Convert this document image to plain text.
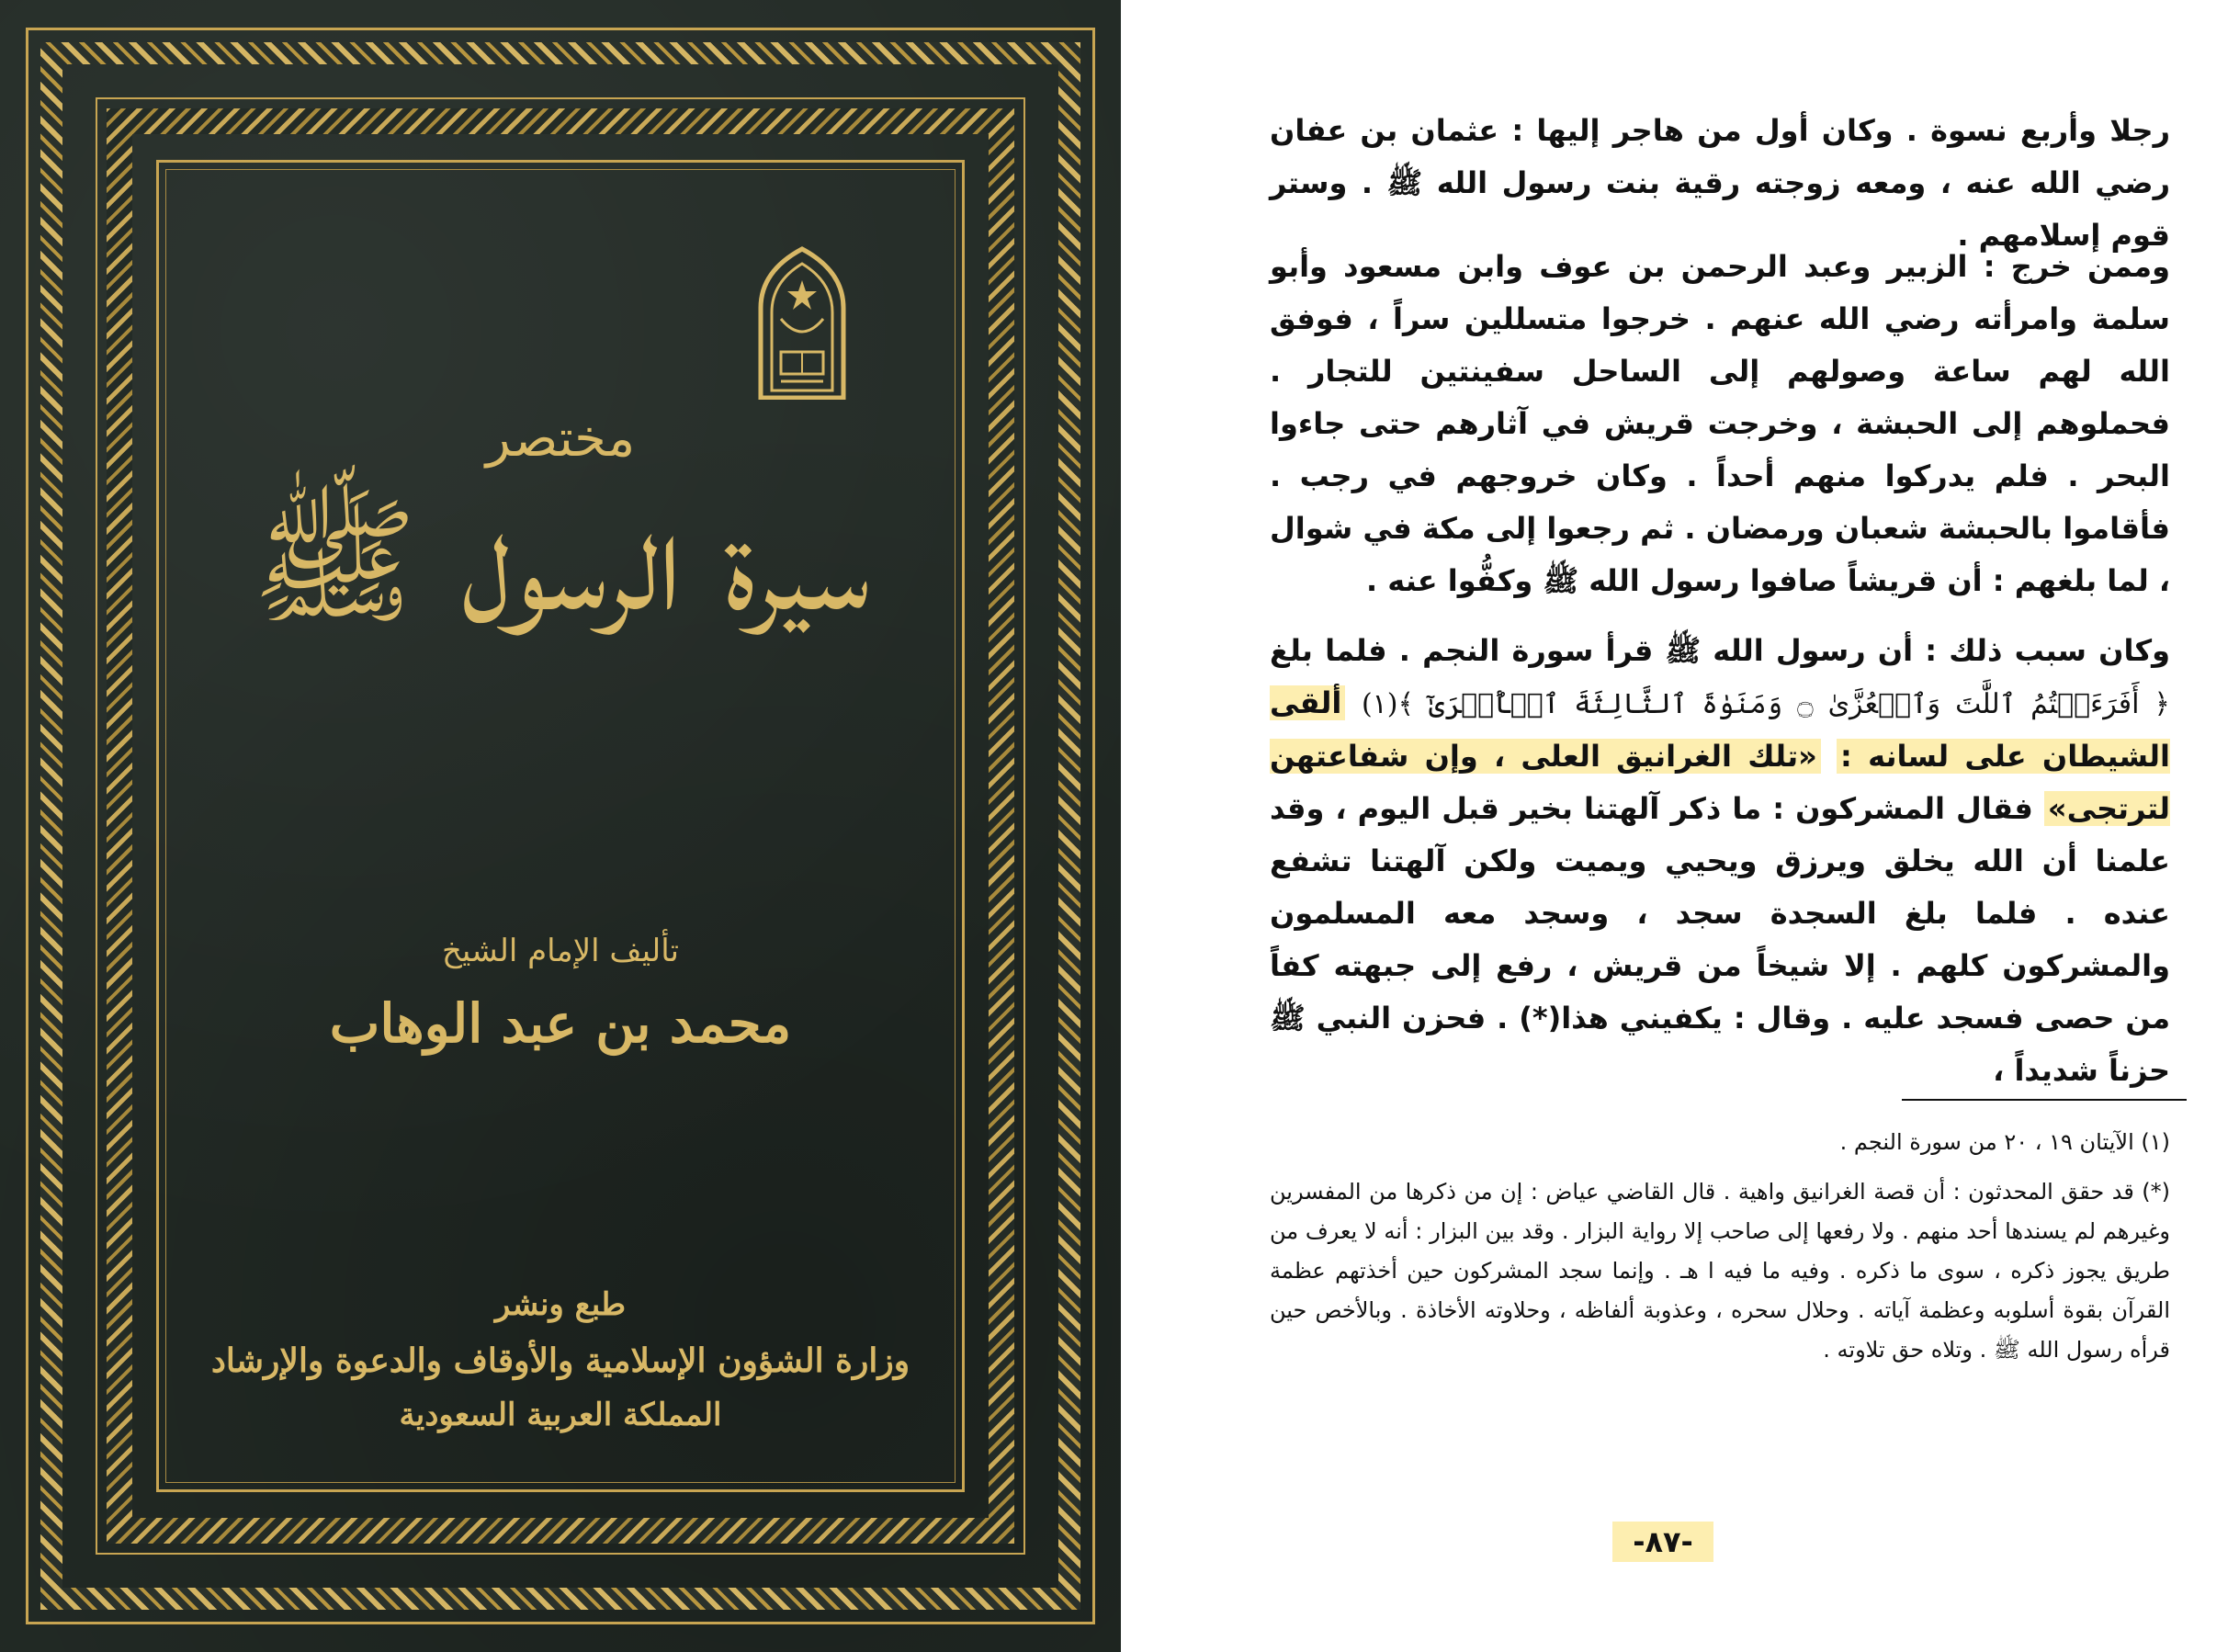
مختصر
سيرة الرسول ﷺ
تأليف الإمام الشيخ
محمد بن عبد الوهاب
طبع ونشر
وزارة الشؤون الإسلامية والأوقاف والدعوة والإرشاد
المملكة العربية السعودية
رجلا وأربع نسوة . وكان أول من هاجر إليها : عثمان بن عفان رضي الله عنه ، ومعه زوجته رقية بنت رسول الله ﷺ . وستر قوم إسلامهم .
وممن خرج : الزبير وعبد الرحمن بن عوف وابن مسعود وأبو سلمة وامرأته رضي الله عنهم . خرجوا متسللين سراً ، فوفق الله لهم ساعة وصولهم إلى الساحل سفينتين للتجار . فحملوهم إلى الحبشة ، وخرجت قريش في آثارهم حتى جاءوا البحر . فلم يدركوا منهم أحداً . وكان خروجهم في رجب . فأقاموا بالحبشة شعبان ورمضان . ثم رجعوا إلى مكة في شوال ، لما بلغهم : أن قريشاً صافوا رسول الله ﷺ وكفُّوا عنه .
وكان سبب ذلك : أن رسول الله ﷺ قرأ سورة النجم . فلما بلغ ﴿ أَفَرَءَيۡتُمُ ٱللَّٰتَ وَٱلۡعُزَّىٰ ۝ وَمَنَوٰةَ ٱلثَّالِثَةَ ٱلۡأُخۡرَىٰٓ ﴾(١) ألقى الشيطان على لسانه : «تلك الغرانيق العلى ، وإن شفاعتهن لترتجى» فقال المشركون : ما ذكر آلهتنا بخير قبل اليوم ، وقد علمنا أن الله يخلق ويرزق ويحيي ويميت ولكن آلهتنا تشفع عنده . فلما بلغ السجدة سجد ، وسجد معه المسلمون والمشركون كلهم . إلا شيخاً من قريش ، رفع إلى جبهته كفاً من حصى فسجد عليه . وقال : يكفيني هذا(*) . فحزن النبي ﷺ حزناً شديداً ،
(١) الآيتان ١٩ ، ٢٠ من سورة النجم .
(*) قد حقق المحدثون : أن قصة الغرانيق واهية . قال القاضي عياض : إن من ذكرها من المفسرين وغيرهم لم يسندها أحد منهم . ولا رفعها إلى صاحب إلا رواية البزار . وقد بين البزار : أنه لا يعرف من طريق يجوز ذكره ، سوى ما ذكره . وفيه ما فيه ا هـ . وإنما سجد المشركون حين أخذتهم عظمة القرآن بقوة أسلوبه وعظمة آياته . وحلال سحره ، وعذوبة ألفاظه ، وحلاوته الأخاذة . وبالأخص حين قرأه رسول الله ﷺ . وتلاه حق تلاوته .
-٨٧-
